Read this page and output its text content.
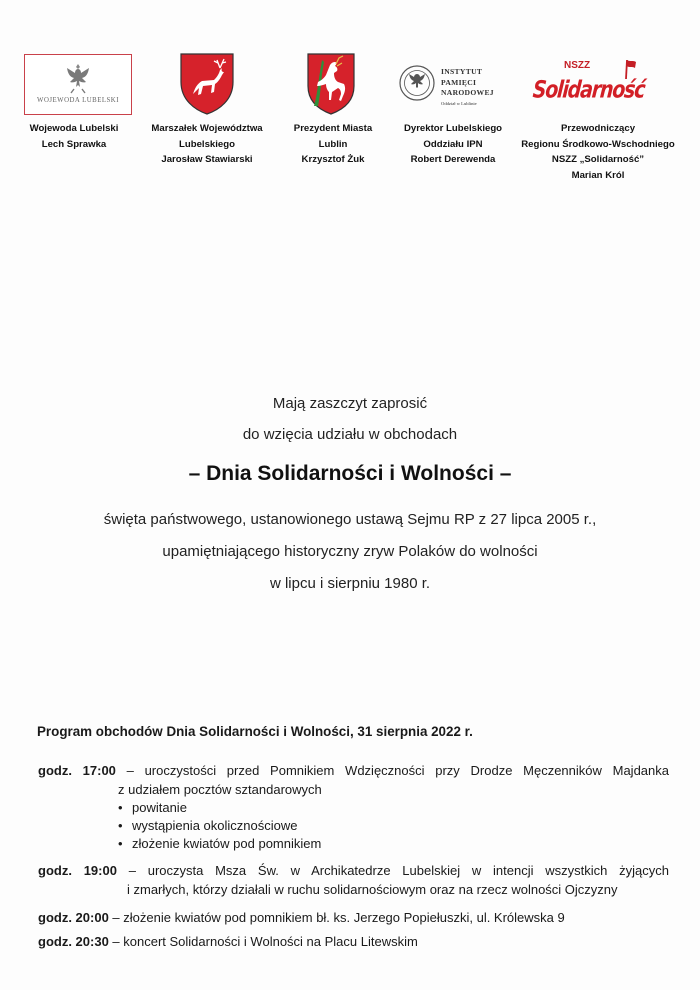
WOJEWODA LUBELSKI
INSTYTUT
PAMIĘCI
NARODOWEJ
Oddział w Lublinie
NSZZ
Solidarność
Wojewoda Lubelski
Lech Sprawka
Marszałek Województwa
Lubelskiego
Jarosław Stawiarski
Prezydent Miasta
Lublin
Krzysztof Żuk
Dyrektor Lubelskiego
Oddziału IPN
Robert Derewenda
Przewodniczący
Regionu Środkowo-Wschodniego
NSZZ „Solidarność”
Marian Król
Mają zaszczyt zaprosić
do wzięcia udziału w obchodach
– Dnia Solidarności i Wolności –
święta państwowego, ustanowionego ustawą Sejmu RP z 27 lipca 2005 r.,
upamiętniającego historyczny zryw Polaków do wolności
w lipcu i sierpniu 1980 r.
Program obchodów Dnia Solidarności i Wolności, 31 sierpnia 2022 r.
godz. 17:00 – uroczystości przed Pomnikiem Wdzięczności przy Drodze Męczenników Majdanka
z udziałem pocztów sztandarowych
• powitanie
• wystąpienia okolicznościowe
• złożenie kwiatów pod pomnikiem
godz. 19:00 – uroczysta Msza Św. w Archikatedrze Lubelskiej w intencji wszystkich żyjących
i zmarłych, którzy działali w ruchu solidarnościowym oraz na rzecz wolności Ojczyzny
godz. 20:00 – złożenie kwiatów pod pomnikiem bł. ks. Jerzego Popiełuszki, ul. Królewska 9
godz. 20:30 – koncert Solidarności i Wolności na Placu Litewskim
